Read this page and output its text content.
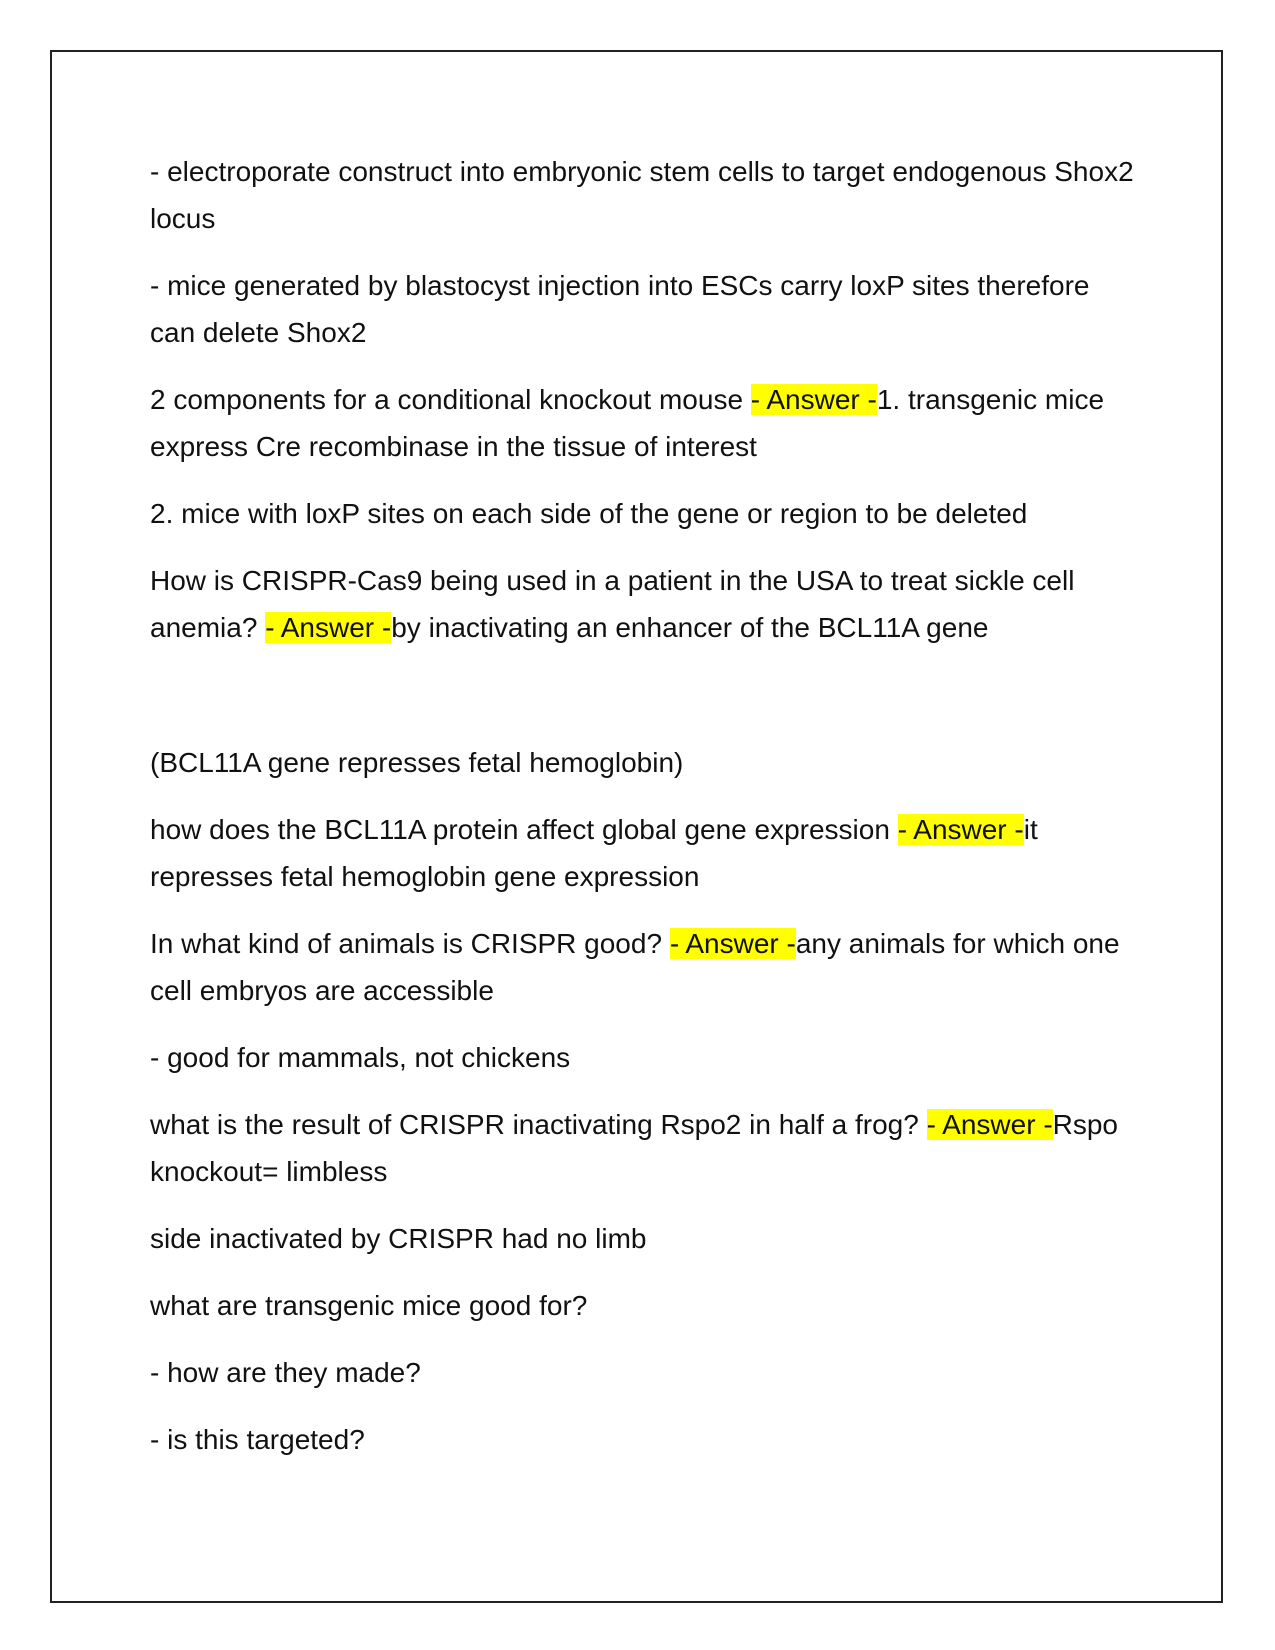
- electroporate construct into embryonic stem cells to target endogenous Shox2 locus

- mice generated by blastocyst injection into ESCs carry loxP sites therefore can delete Shox2

2 components for a conditional knockout mouse - Answer -1. transgenic mice express Cre recombinase in the tissue of interest

2. mice with loxP sites on each side of the gene or region to be deleted

How is CRISPR-Cas9 being used in a patient in the USA to treat sickle cell anemia? - Answer -by inactivating an enhancer of the BCL11A gene

(BCL11A gene represses fetal hemoglobin)

how does the BCL11A protein affect global gene expression - Answer -it represses fetal hemoglobin gene expression

In what kind of animals is CRISPR good? - Answer -any animals for which one cell embryos are accessible

- good for mammals, not chickens

what is the result of CRISPR inactivating Rspo2 in half a frog? - Answer -Rspo knockout= limbless

side inactivated by CRISPR had no limb

what are transgenic mice good for?

- how are they made?

- is this targeted?
